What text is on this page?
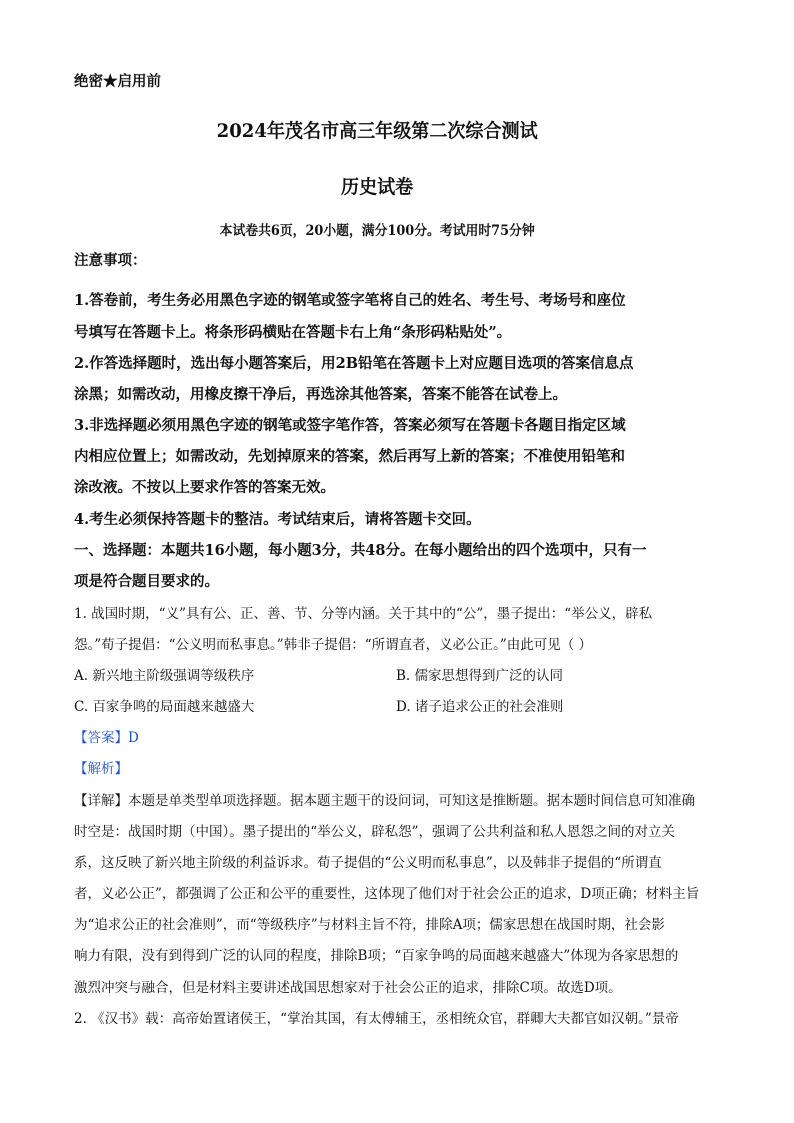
绝密★启用前
2024年茂名市高三年级第二次综合测试
历史试卷
本试卷共6页，20小题，满分100分。考试用时75分钟
注意事项：
1.答卷前，考生务必用黑色字迹的钢笔或签字笔将自己的姓名、考生号、考场号和座位
号填写在答题卡上。将条形码横贴在答题卡右上角“条形码粘贴处”。
2.作答选择题时，选出每小题答案后，用2B铅笔在答题卡上对应题目选项的答案信息点
涂黑；如需改动，用橡皮擦干净后，再选涂其他答案，答案不能答在试卷上。
3.非选择题必须用黑色字迹的钢笔或签字笔作答，答案必须写在答题卡各题目指定区域
内相应位置上；如需改动，先划掉原来的答案，然后再写上新的答案；不准使用铅笔和
涂改液。不按以上要求作答的答案无效。
4.考生必须保持答题卡的整洁。考试结束后，请将答题卡交回。
一、选择题：本题共16小题，每小题3分，共48分。在每小题给出的四个选项中，只有一
项是符合题目要求的。
1. 战国时期，“义”具有公、正、善、节、分等内涵。关于其中的“公”，墨子提出：“举公义，辟私
怨。”荀子提倡：“公义明而私事息。”韩非子提倡：“所谓直者，义必公正。”由此可见（ ）
A. 新兴地主阶级强调等级秩序	B. 儒家思想得到广泛的认同
C. 百家争鸣的局面越来越盛大	D. 诸子追求公正的社会准则
【答案】D
【解析】
【详解】本题是单类型单项选择题。据本题主题干的设问词，可知这是推断题。据本题时间信息可知准确
时空是：战国时期（中国）。墨子提出的“举公义，辟私怨”，强调了公共利益和私人恩怨之间的对立关
系，这反映了新兴地主阶级的利益诉求。荀子提倡的“公义明而私事息”，以及韩非子提倡的“所谓直
者，义必公正”，都强调了公正和公平的重要性，这体现了他们对于社会公正的追求，D项正确；材料主旨
为“追求公正的社会准则”，而“等级秩序”与材料主旨不符，排除A项；儒家思想在战国时期，社会影
响力有限，没有到得到广泛的认同的程度，排除B项；“百家争鸣的局面越来越盛大”体现为各家思想的
激烈冲突与融合，但是材料主要讲述战国思想家对于社会公正的追求，排除C项。故选D项。
2. 《汉书》载：高帝始置诸侯王，“掌治其国，有太傅辅王，丞相统众官，群卿大夫都官如汉朝。”景帝
